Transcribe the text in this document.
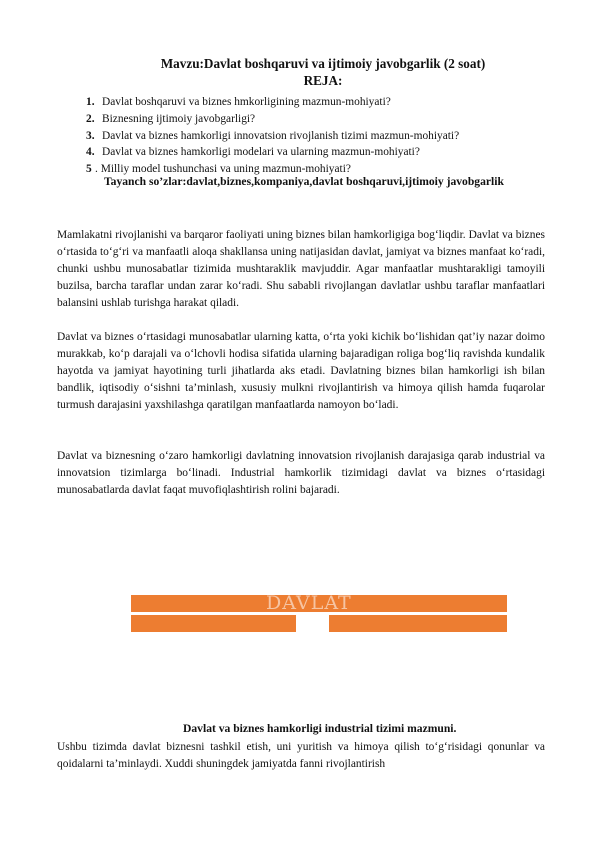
Mavzu:Davlat boshqaruvi va ijtimoiy javobgarlik (2 soat)
REJA:
1. Davlat boshqaruvi va biznes hmkorligining mazmun-mohiyati?
2. Biznesning ijtimoiy javobgarligi?
3. Davlat va biznes hamkorligi innovatsion rivojlanish tizimi mazmun-mohiyati?
4. Davlat va biznes hamkorligi modelari va ularning mazmun-mohiyati?
5 . Milliy model tushunchasi va uning mazmun-mohiyati?
Tayanch so’zlar:davlat,biznes,kompaniya,davlat boshqaruvi,ijtimoiy javobgarlik

Mamlakatni rivojlanishi va barqaror faoliyati uning biznes bilan hamkorligiga bog‘liqdir. Davlat va biznes o‘rtasida to‘g‘ri va manfaatli aloqa shakllansa uning natijasidan davlat, jamiyat va biznes manfaat ko‘radi, chunki ushbu munosabatlar tizimida mushtaraklik mavjuddir. Agar manfaatlar mushtarakligi tamoyili buzilsa, barcha taraflar undan zarar ko‘radi. Shu sababli rivojlangan davlatlar ushbu taraflar manfaatlari balansini ushlab turishga harakat qiladi.

Davlat va biznes o‘rtasidagi munosabatlar ularning katta, o‘rta yoki kichik bo‘lishidan qat’iy nazar doimo murakkab, ko‘p darajali va o‘lchovli hodisa sifatida ularning bajaradigan roliga bog‘liq ravishda kundalik hayotda va jamiyat hayotining turli jihatlarda aks etadi. Davlatning biznes bilan hamkorligi ish bilan bandlik, iqtisodiy o‘sishni ta’minlash, xususiy mulkni rivojlantirish va himoya qilish hamda fuqarolar turmush darajasini yaxshilashga qaratilgan manfaatlarda namoyon bo‘ladi.

Davlat va biznesning o‘zaro hamkorligi davlatning innovatsion rivojlanish darajasiga qarab industrial va innovatsion tizimlarga bo‘linadi. Industrial hamkorlik tizimidagi davlat va biznes o‘rtasidagi munosabatlarda davlat faqat muvofiqlashtirish rolini bajaradi.

DAVLAT
BIZNES	FAN
Davlat va biznes hamkorligi industrial tizimi mazmuni.

Ushbu tizimda davlat biznesni tashkil etish, uni yuritish va himoya qilish to‘g‘risidagi qonunlar va qoidalarni ta’minlaydi. Xuddi shuningdek jamiyatda fanni rivojlantirish
